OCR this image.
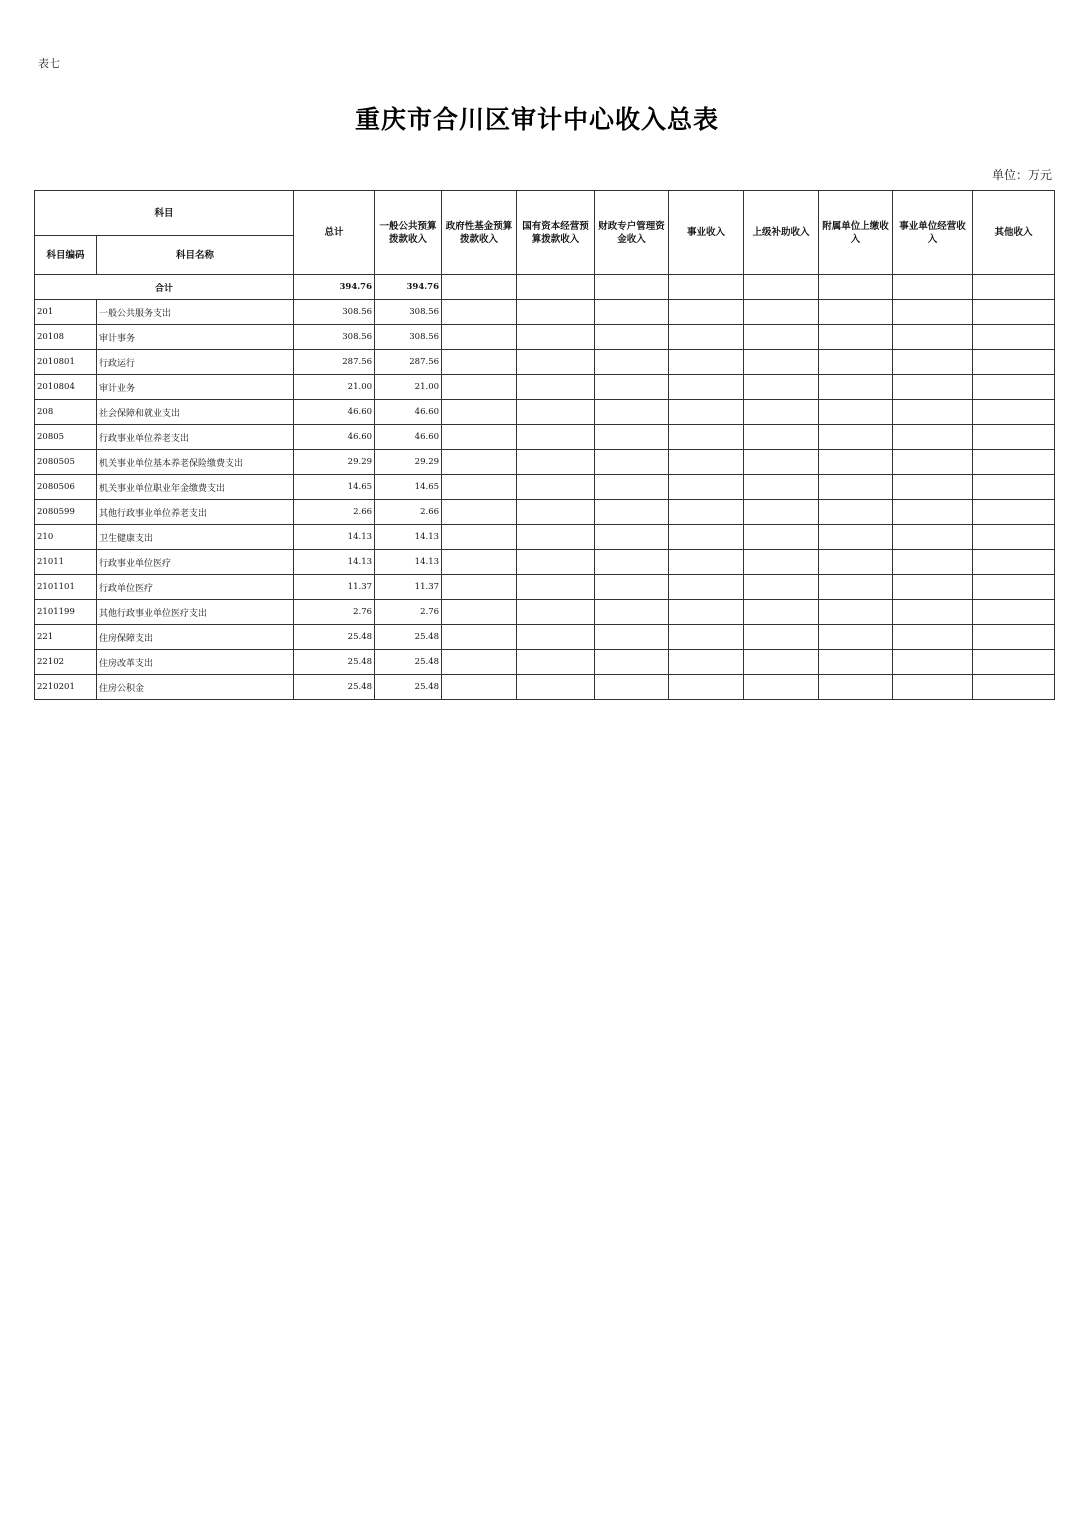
表七
重庆市合川区审计中心收入总表
单位：万元
科目		总计	一般公共预算拨款收入	政府性基金预算拨款收入	国有资本经营预算拨款收入	财政专户管理资金收入	事业收入	上级补助收入	附属单位上缴收入	事业单位经营收入	其他收入
科目编码	科目名称										
合计		394.76	394.76								
201	一般公共服务支出	308.56	308.56								
20108	审计事务	308.56	308.56								
2010801	行政运行	287.56	287.56								
2010804	审计业务	21.00	21.00								
208	社会保障和就业支出	46.60	46.60								
20805	行政事业单位养老支出	46.60	46.60								
2080505	机关事业单位基本养老保险缴费支出	29.29	29.29								
2080506	机关事业单位职业年金缴费支出	14.65	14.65								
2080599	其他行政事业单位养老支出	2.66	2.66								
210	卫生健康支出	14.13	14.13								
21011	行政事业单位医疗	14.13	14.13								
2101101	行政单位医疗	11.37	11.37								
2101199	其他行政事业单位医疗支出	2.76	2.76								
221	住房保障支出	25.48	25.48								
22102	住房改革支出	25.48	25.48								
2210201	住房公积金	25.48	25.48								
